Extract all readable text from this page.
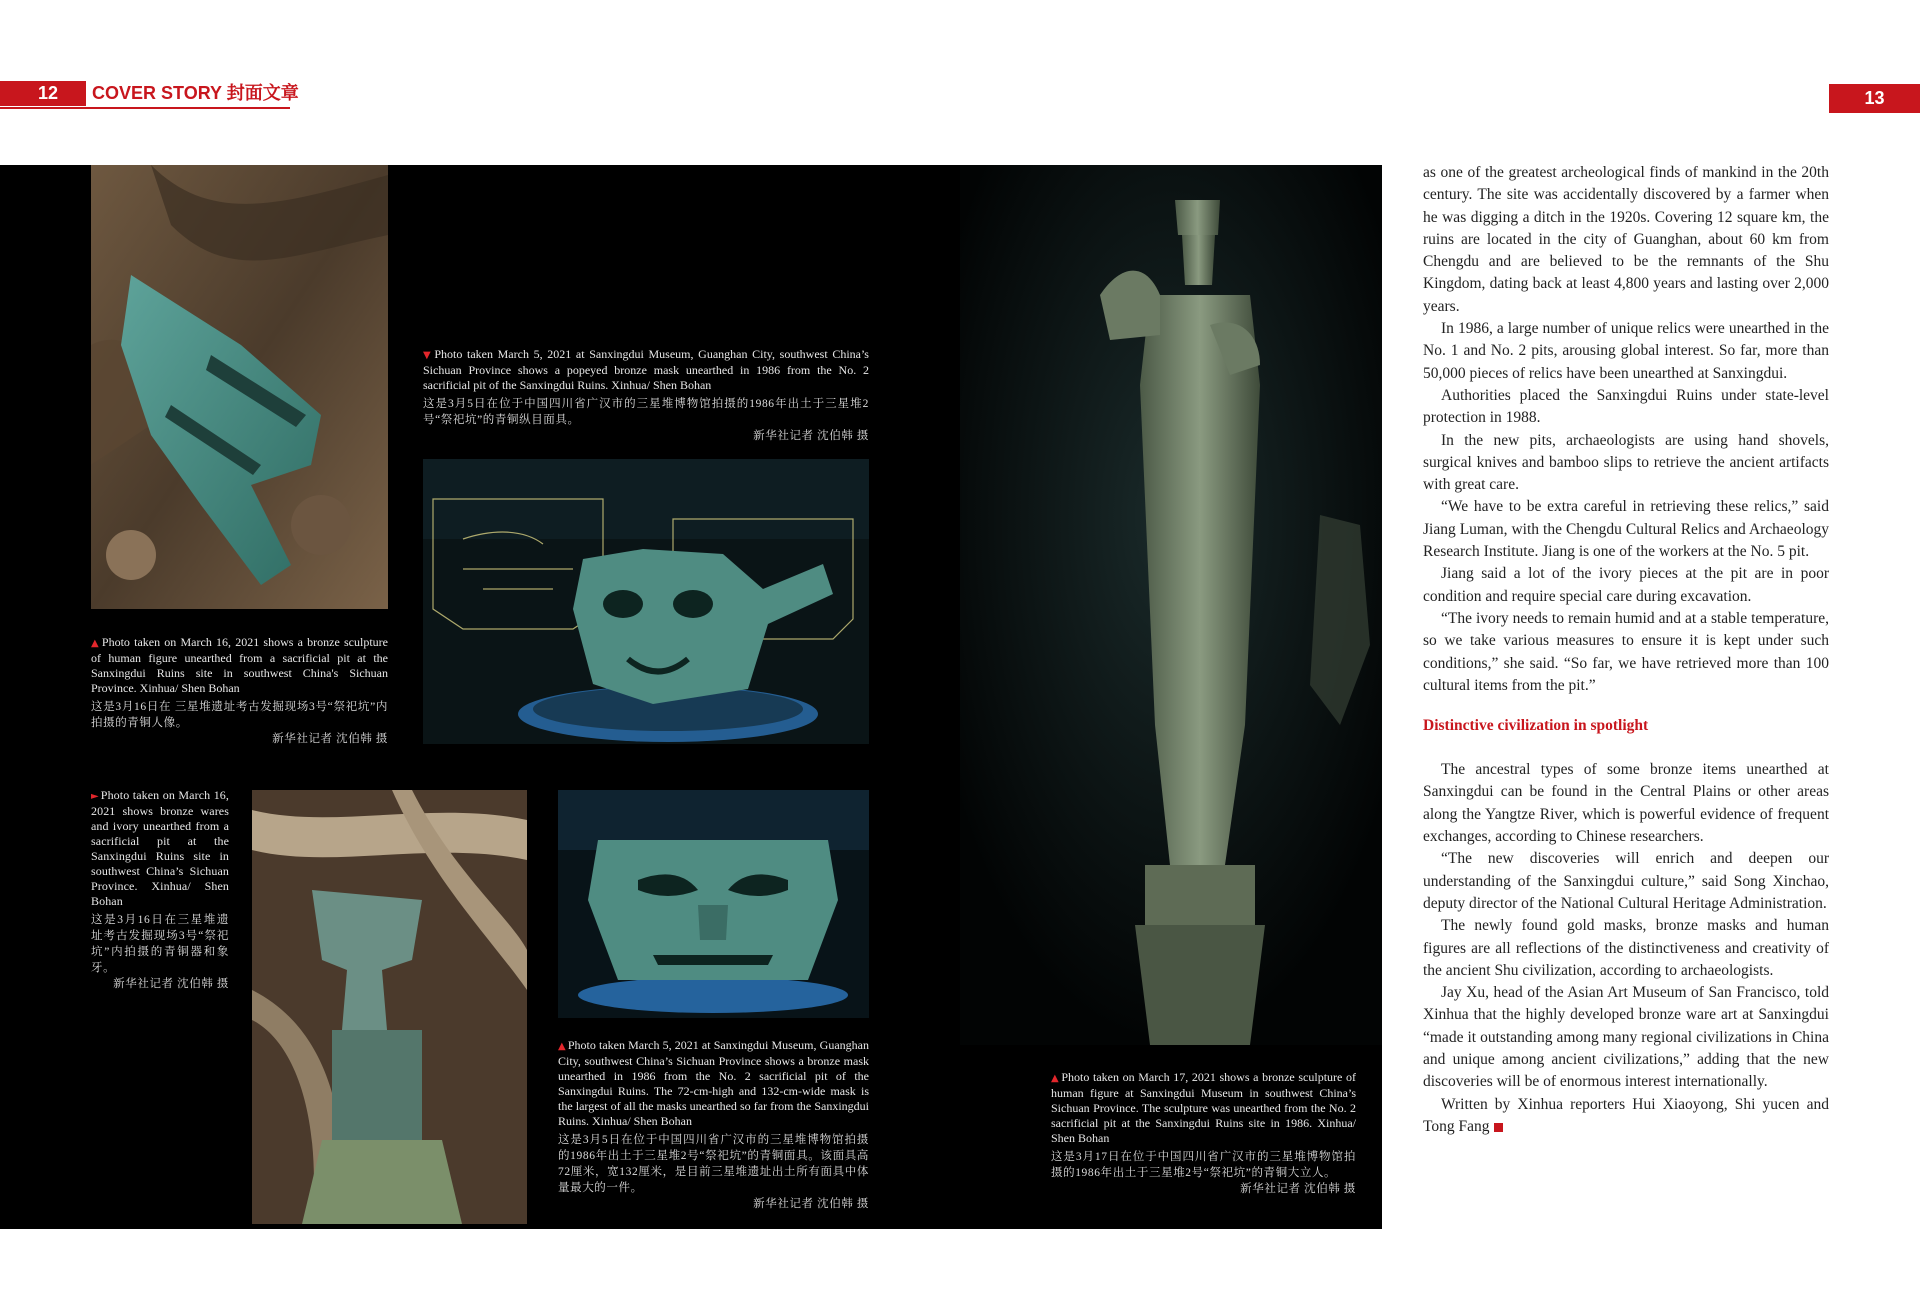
12	COVER STORY 封面文章	13
▼ Photo taken March 5, 2021 at Sanxingdui Museum, Guanghan City, southwest China’s Sichuan Province shows a popeyed bronze mask unearthed in 1986 from the No. 2 sacrificial pit of the Sanxingdui Ruins. Xinhua/ Shen Bohan
这是3月5日在位于中国四川省广汉市的三星堆博物馆拍摄的1986年出土于三星堆2号“祭祀坑”的青铜纵目面具。
新华社记者 沈伯韩 摄
▲ Photo taken on March 16, 2021 shows a bronze sculpture of human figure unearthed from a sacrificial pit at the Sanxingdui Ruins site in southwest China's Sichuan Province. Xinhua/ Shen Bohan
这是3月16日在 三星堆遗址考古发掘现场3号“祭祀坑”内拍摄的青铜人像。
新华社记者 沈伯韩 摄
► Photo taken on March 16, 2021 shows bronze wares and ivory unearthed from a sacrificial pit at the Sanxingdui Ruins site in southwest China’s Sichuan Province. Xinhua/ Shen Bohan
这是3月16日在三星堆遗址考古发掘现场3号“祭祀坑”内拍摄的青铜器和象牙。
新华社记者 沈伯韩 摄
▲ Photo taken March 5, 2021 at Sanxingdui Museum, Guanghan City, southwest China’s Sichuan Province shows a bronze mask unearthed in 1986 from the No. 2 sacrificial pit of the Sanxingdui Ruins. The 72-cm-high and 132-cm-wide mask is the largest of all the masks unearthed so far from the Sanxingdui Ruins. Xinhua/ Shen Bohan
这是3月5日在位于中国四川省广汉市的三星堆博物馆拍摄的1986年出土于三星堆2号“祭祀坑”的青铜面具。该面具高72厘米，宽132厘米，是目前三星堆遗址出土所有面具中体量最大的一件。
新华社记者 沈伯韩 摄
▲ Photo taken on March 17, 2021 shows a bronze sculpture of human figure at Sanxingdui Museum in southwest China’s Sichuan Province. The sculpture was unearthed from the No. 2 sacrificial pit at the Sanxingdui Ruins site in 1986. Xinhua/ Shen Bohan
这是3月17日在位于中国四川省广汉市的三星堆博物馆拍摄的1986年出土于三星堆2号“祭祀坑”的青铜大立人。
新华社记者 沈伯韩 摄

as one of the greatest archeological finds of mankind in the 20th century. The site was accidentally discovered by a farmer when he was digging a ditch in the 1920s. Covering 12 square km, the ruins are located in the city of Guanghan, about 60 km from Chengdu and are believed to be the remnants of the Shu Kingdom, dating back at least 4,800 years and lasting over 2,000 years.

In 1986, a large number of unique relics were unearthed in the No. 1 and No. 2 pits, arousing global interest. So far, more than 50,000 pieces of relics have been unearthed at Sanxingdui.

Authorities placed the Sanxingdui Ruins under state-level protection in 1988.

In the new pits, archaeologists are using hand shovels, surgical knives and bamboo slips to retrieve the ancient artifacts with great care.

“We have to be extra careful in retrieving these relics,” said Jiang Luman, with the Chengdu Cultural Relics and Archaeology Research Institute. Jiang is one of the workers at the No. 5 pit.

Jiang said a lot of the ivory pieces at the pit are in poor condition and require special care during excavation.

“The ivory needs to remain humid and at a stable temperature, so we take various measures to ensure it is kept under such conditions,” she said. “So far, we have retrieved more than 100 cultural items from the pit.”

Distinctive civilization in spotlight

The ancestral types of some bronze items unearthed at Sanxingdui can be found in the Central Plains or other areas along the Yangtze River, which is powerful evidence of frequent exchanges, according to Chinese researchers.

“The new discoveries will enrich and deepen our understanding of the Sanxingdui culture,” said Song Xinchao, deputy director of the National Cultural Heritage Administration.

The newly found gold masks, bronze masks and human figures are all reflections of the distinctiveness and creativity of the ancient Shu civilization, according to archaeologists.

Jay Xu, head of the Asian Art Museum of San Francisco, told Xinhua that the highly developed bronze ware art at Sanxingdui “made it outstanding among many regional civilizations in China and unique among ancient civilizations,” adding that the new discoveries will be of enormous interest internationally.

Written by Xinhua reporters Hui Xiaoyong, Shi yucen and Tong Fang
